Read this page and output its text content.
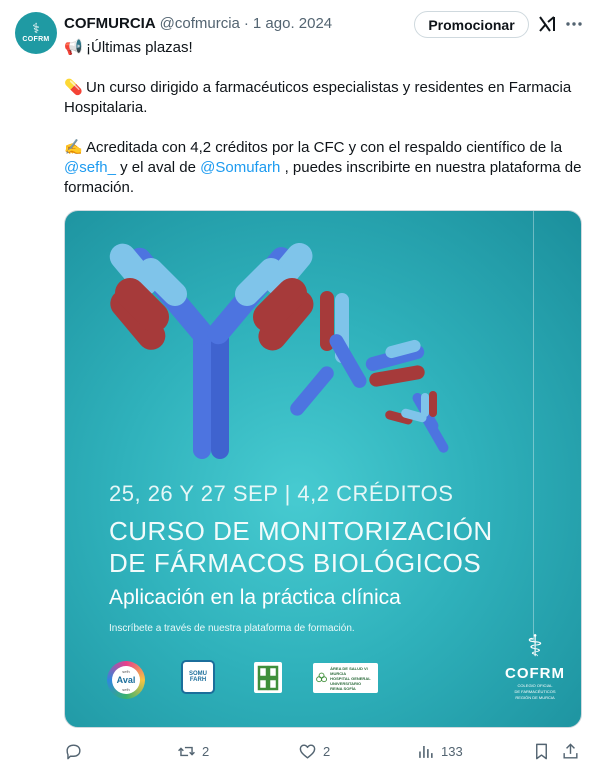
⚕
COFRM
COFMURCIA @cofmurcia · 1 ago. 2024	Promocionar

📢 ¡Últimas plazas!

💊 Un curso dirigido a farmacéuticos especialistas y residentes en Farmacia Hospitalaria.

✍️ Acreditada con 4,2 créditos por la CFC y con el respaldo científico de la @sefh_ y el aval de @Somufarh , puedes inscribirte en nuestra plataforma de formación.

25, 26 Y 27 SEP | 4,2 CRÉDITOS
CURSO DE MONITORIZACIÓN
DE FÁRMACOS BIOLÓGICOS
Aplicación en la práctica clínica
Inscríbete a través de nuestra plataforma de formación.
sefh
Aval
sefh
SOMU
FARH
ÁREA DE SALUD VI
MURCIA
HOSPITAL GENERAL UNIVERSITARIO
REINA SOFÍA
⚕
COFRM
COLEGIO OFICIAL
DE FARMACÉUTICOS
REGIÓN DE MURCIA
2	2	133
